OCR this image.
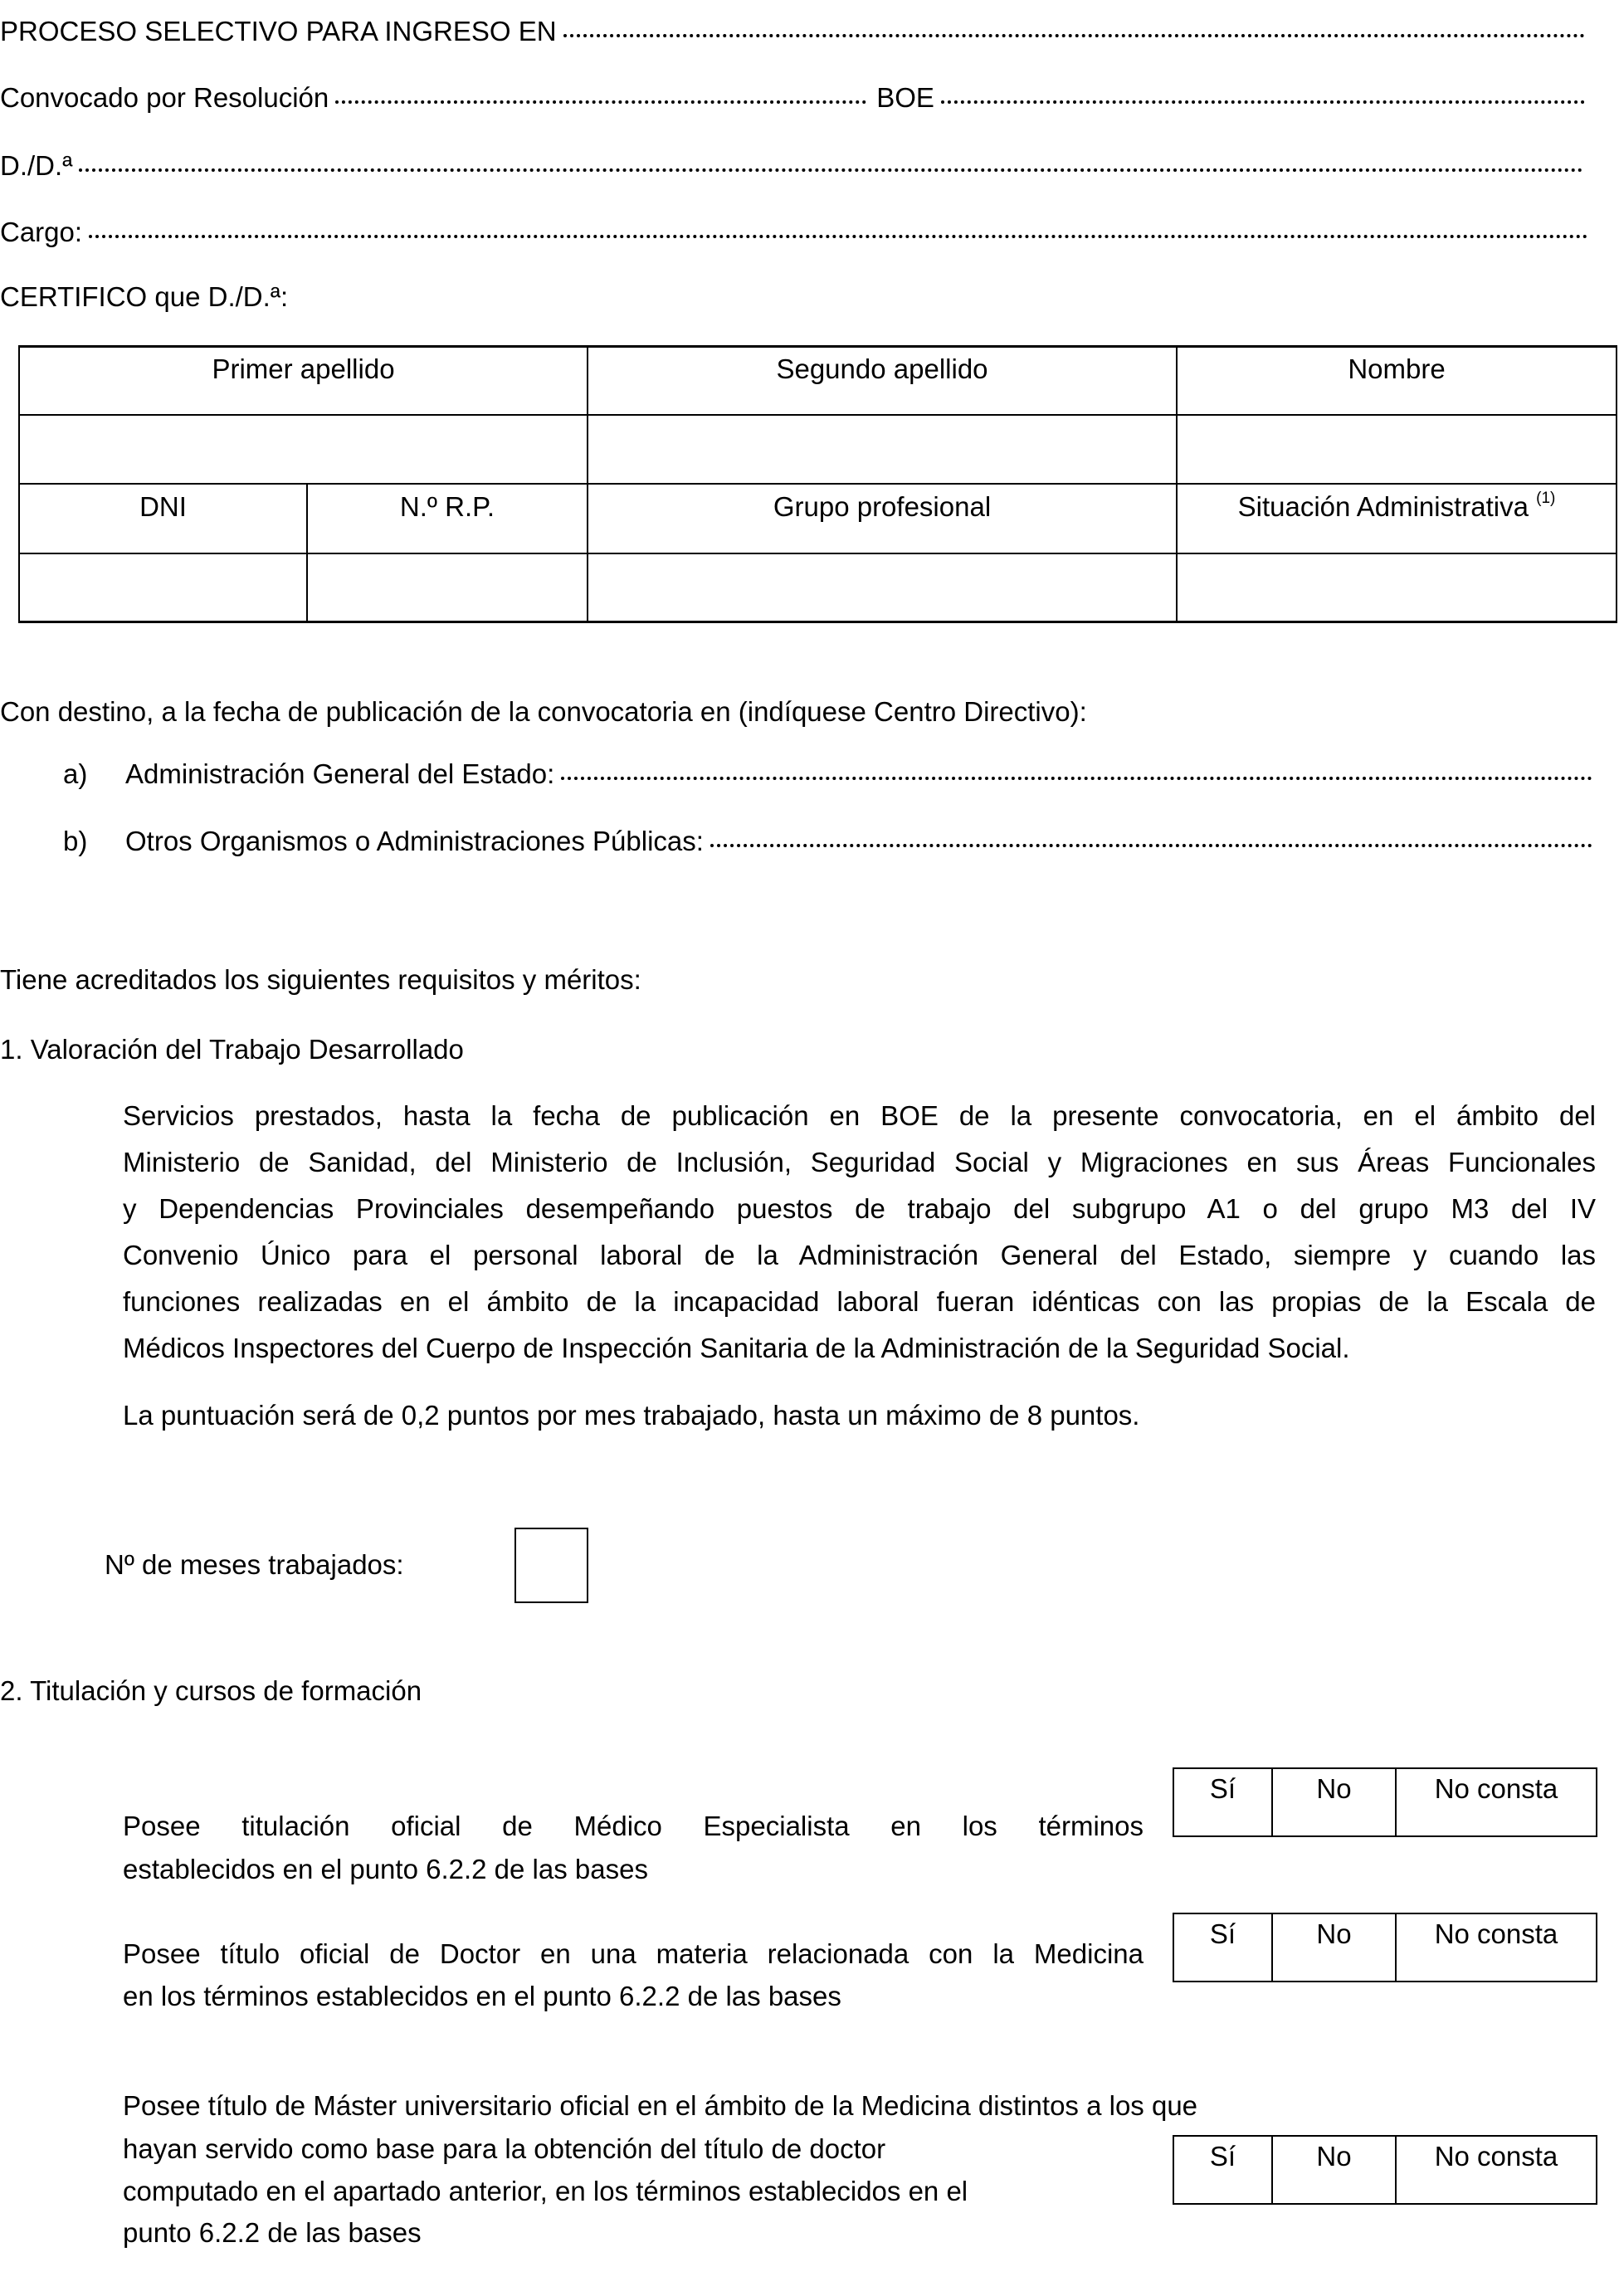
PROCESO SELECTIVO PARA INGRESO EN
Convocado por Resolución	BOE
D./D.ª
Cargo:
CERTIFICO que D./D.ª:
Primer apellido	Segundo apellido	Nombre
DNI	N.º R.P.	Grupo profesional	Situación Administrativa $^{(1)}$
Con destino, a la fecha de publicación de la convocatoria en (indíquese Centro Directivo):
a) Administración General del Estado:
b) Otros Organismos o Administraciones Públicas:
Tiene acreditados los siguientes requisitos y méritos:
1. Valoración del Trabajo Desarrollado
Servicios prestados, hasta la fecha de publicación en BOE de la presente convocatoria, en el ámbito del
Ministerio de Sanidad, del Ministerio de Inclusión, Seguridad Social y Migraciones en sus Áreas Funcionales
y Dependencias Provinciales desempeñando puestos de trabajo del subgrupo A1 o del grupo M3 del IV
Convenio Único para el personal laboral de la Administración General del Estado, siempre y cuando las
funciones realizadas en el ámbito de la incapacidad laboral fueran idénticas con las propias de la Escala de
Médicos Inspectores del Cuerpo de Inspección Sanitaria de la Administración de la Seguridad Social.
La puntuación será de 0,2 puntos por mes trabajado, hasta un máximo de 8 puntos.
Nº de meses trabajados:
2. Titulación y cursos de formación
Posee titulación oficial de Médico Especialista en los términos
establecidos en el punto 6.2.2 de las bases
Sí	No	No consta
Posee título oficial de Doctor en una materia relacionada con la Medicina
en los términos establecidos en el punto 6.2.2 de las bases
Sí	No	No consta
Posee título de Máster universitario oficial en el ámbito de la Medicina distintos a los que
hayan servido como base para la obtención del título de doctor
computado en el apartado anterior, en los términos establecidos en el
punto 6.2.2 de las bases
Sí	No	No consta
